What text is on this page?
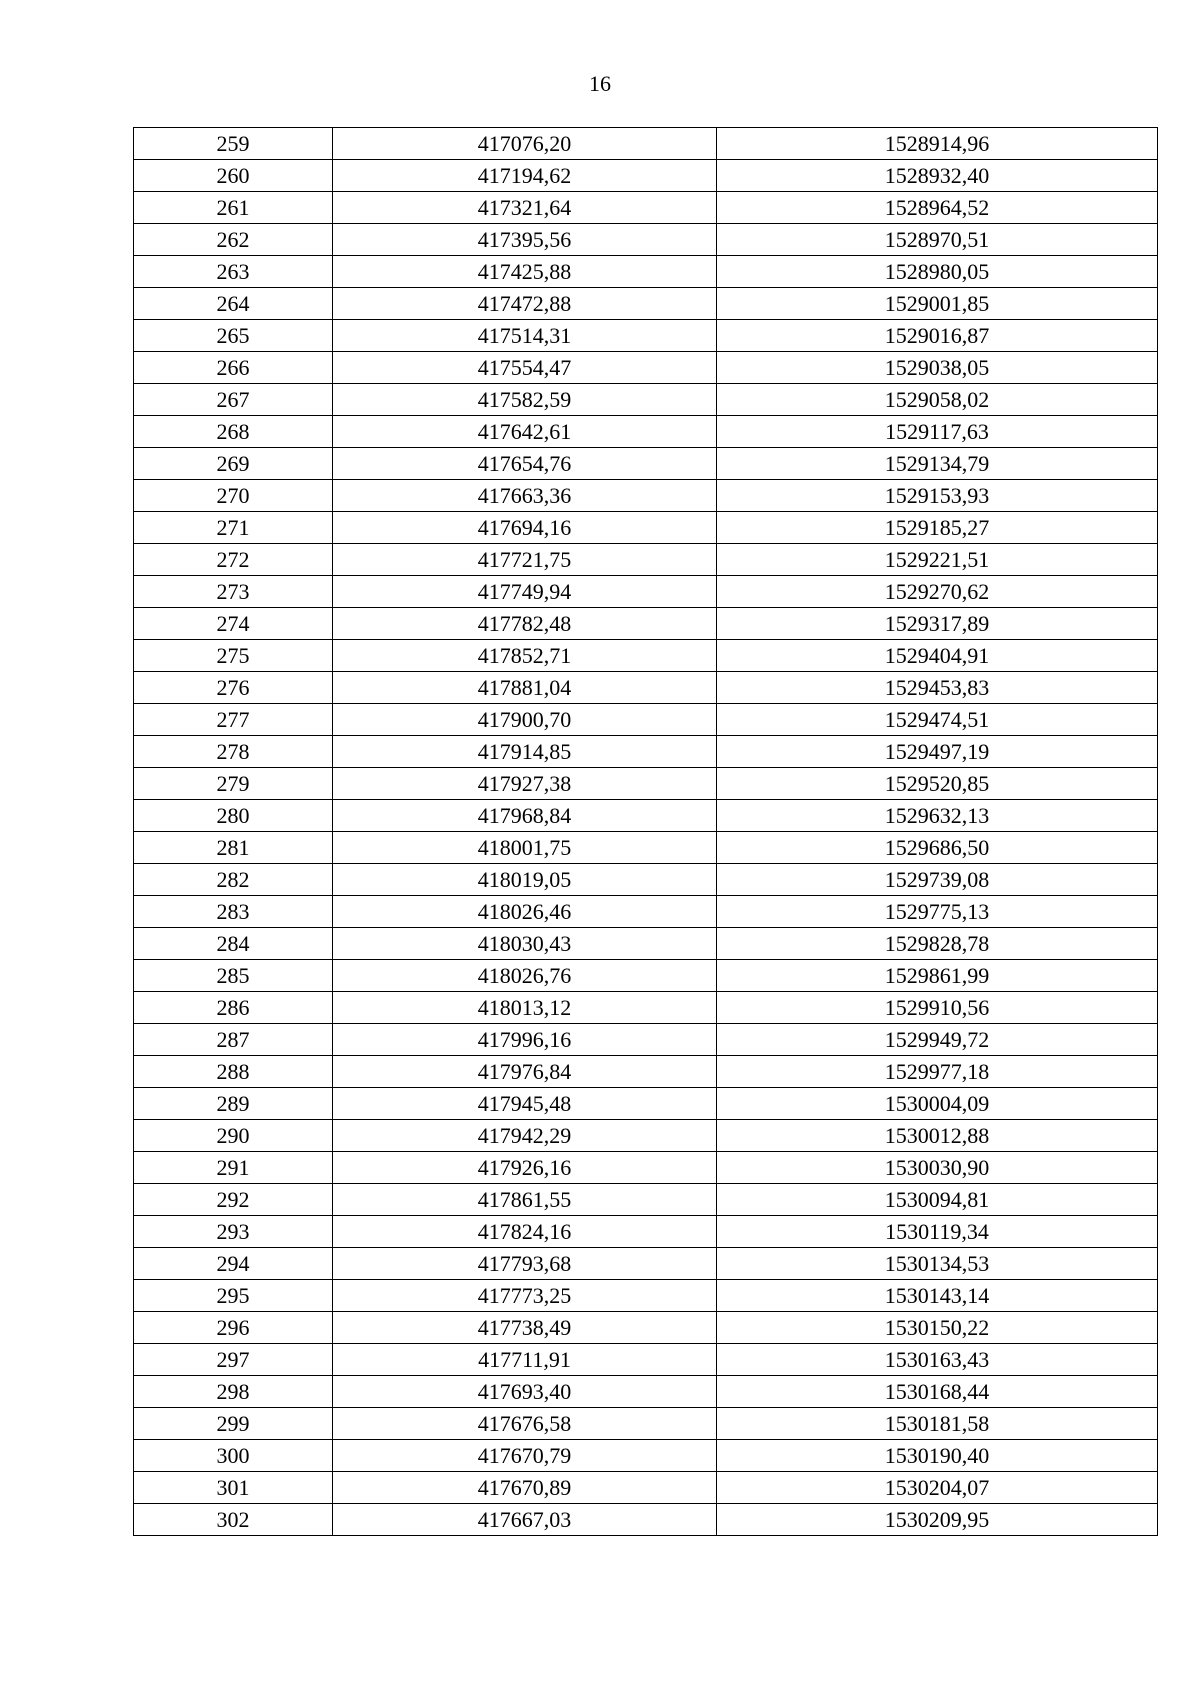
16
259	417076,20	1528914,96
260	417194,62	1528932,40
261	417321,64	1528964,52
262	417395,56	1528970,51
263	417425,88	1528980,05
264	417472,88	1529001,85
265	417514,31	1529016,87
266	417554,47	1529038,05
267	417582,59	1529058,02
268	417642,61	1529117,63
269	417654,76	1529134,79
270	417663,36	1529153,93
271	417694,16	1529185,27
272	417721,75	1529221,51
273	417749,94	1529270,62
274	417782,48	1529317,89
275	417852,71	1529404,91
276	417881,04	1529453,83
277	417900,70	1529474,51
278	417914,85	1529497,19
279	417927,38	1529520,85
280	417968,84	1529632,13
281	418001,75	1529686,50
282	418019,05	1529739,08
283	418026,46	1529775,13
284	418030,43	1529828,78
285	418026,76	1529861,99
286	418013,12	1529910,56
287	417996,16	1529949,72
288	417976,84	1529977,18
289	417945,48	1530004,09
290	417942,29	1530012,88
291	417926,16	1530030,90
292	417861,55	1530094,81
293	417824,16	1530119,34
294	417793,68	1530134,53
295	417773,25	1530143,14
296	417738,49	1530150,22
297	417711,91	1530163,43
298	417693,40	1530168,44
299	417676,58	1530181,58
300	417670,79	1530190,40
301	417670,89	1530204,07
302	417667,03	1530209,95
